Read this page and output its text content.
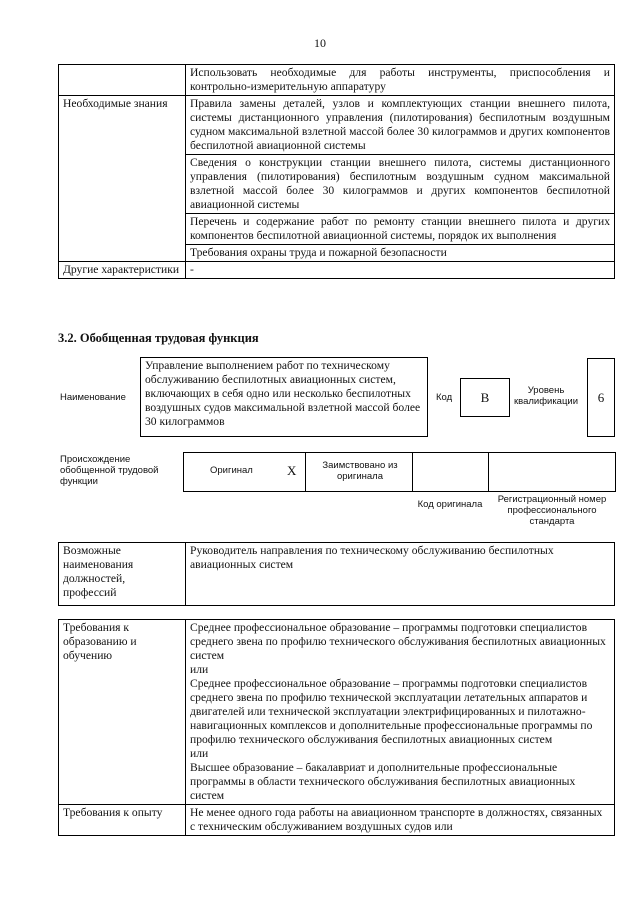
10
	Использовать необходимые для работы инструменты, приспособления и контрольно-измерительную аппаратуру
Необходимые знания	Правила замены деталей, узлов и комплектующих станции внешнего пилота, системы дистанционного управления (пилотирования) беспилотным воздушным судном максимальной взлетной массой более 30 килограммов и других компонентов беспилотной авиационной системы
	Сведения о конструкции станции внешнего пилота, системы дистанционного управления (пилотирования) беспилотным воздушным судном максимальной взлетной массой более 30 килограммов и других компонентов беспилотной авиационной системы
	Перечень и содержание работ по ремонту станции внешнего пилота и других компонентов беспилотной авиационной системы, порядок их выполнения
	Требования охраны труда и пожарной безопасности
Другие характеристики	-
3.2. Обобщенная трудовая функция
Наименование
Управление выполнением работ по техническому обслуживанию беспилотных авиационных систем, включающих в себя одно или несколько беспилотных воздушных судов максимальной взлетной массой более 30 килограммов
Код	В	Уровень квалификации	6
Происхождение обобщенной трудовой функции
Оригинал	X	Заимствовано из оригинала
Код оригинала	Регистрационный номер профессионального стандарта
Возможные наименования должностей, профессий	Руководитель направления по техническому обслуживанию беспилотных авиационных систем
Требования к образованию и обучению	Среднее профессиональное образование – программы подготовки специалистов среднего звена по профилю технического обслуживания беспилотных авиационных систем
или
Среднее профессиональное образование – программы подготовки специалистов среднего звена по профилю технической эксплуатации летательных аппаратов и двигателей или технической эксплуатации электрифицированных и пилотажно-навигационных комплексов и дополнительные профессиональные программы по профилю технического обслуживания беспилотных авиационных систем
или
Высшее образование – бакалавриат и дополнительные профессиональные программы в области технического обслуживания беспилотных авиационных систем

Требования к опыту	Не менее одного года работы на авиационном транспорте в должностях, связанных с техническим обслуживанием воздушных судов или
